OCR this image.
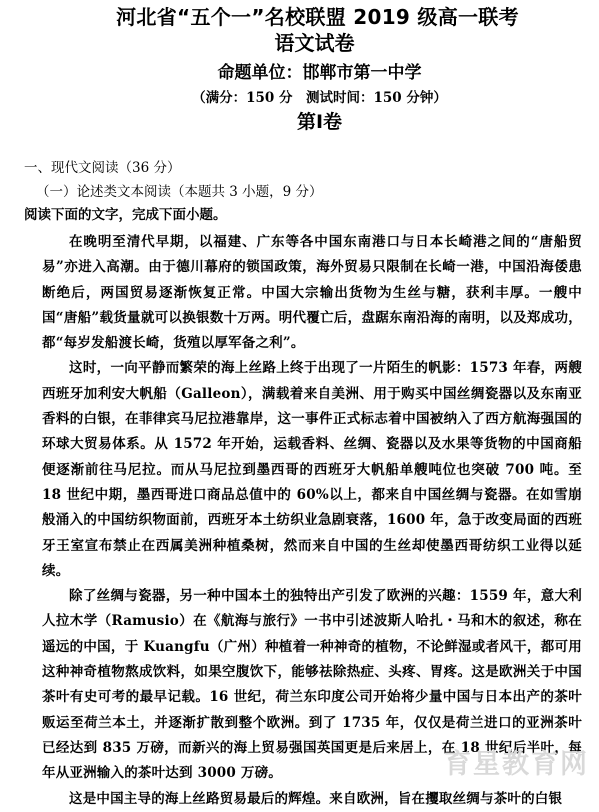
河北省“五个一”名校联盟 2019 级高一联考
语文试卷
命题单位：邯郸市第一中学
（满分：150 分　测试时间：150 分钟）
第Ⅰ卷
一、现代文阅读（36 分）
（一）论述类文本阅读（本题共 3 小题，9 分）
阅读下面的文字，完成下面小题。

在晚明至清代早期，以福建、广东等各中国东南港口与日本长崎港之间的“唐船贸易”亦进入高潮。由于德川幕府的锁国政策，海外贸易只限制在长崎一港，中国沿海倭患断绝后，两国贸易逐渐恢复正常。中国大宗输出货物为生丝与糖，获利丰厚。一艘中国“唐船”载货量就可以换银数十万两。明代覆亡后，盘踞东南沿海的南明，以及郑成功，都“每岁发船渡长崎，货殖以厚军备之利”。

这时，一向平静而繁荣的海上丝路上终于出现了一片陌生的帆影：1573 年春，两艘西班牙加利安大帆船（Galleon），满载着来自美洲、用于购买中国丝绸瓷器以及东南亚香料的白银，在菲律宾马尼拉港靠岸，这一事件正式标志着中国被纳入了西方航海强国的环球大贸易体系。从 1572 年开始，运载香料、丝绸、瓷器以及水果等货物的中国商船便逐渐前往马尼拉。而从马尼拉到墨西哥的西班牙大帆船单艘吨位也突破 700 吨。至 18 世纪中期，墨西哥进口商品总值中的 60%以上，都来自中国丝绸与瓷器。在如雪崩般涌入的中国纺织物面前，西班牙本土纺织业急剧衰落，1600 年，急于改变局面的西班牙王室宣布禁止在西属美洲种植桑树，然而来自中国的生丝却使墨西哥纺织工业得以延续。

除了丝绸与瓷器，另一种中国本土的独特出产引发了欧洲的兴趣：1559 年，意大利人拉木学（Ramusio）在《航海与旅行》一书中引述波斯人哈扎・马和木的叙述，称在遥远的中国，于 Kuangfu（广州）种植着一种神奇的植物，不论鲜湿或者风干，都可用这种神奇植物熬成饮料，如果空腹饮下，能够祛除热症、头疼、胃疼。这是欧洲关于中国茶叶有史可考的最早记载。16 世纪，荷兰东印度公司开始将少量中国与日本出产的茶叶贩运至荷兰本土，并逐渐扩散到整个欧洲。到了 1735 年，仅仅是荷兰进口的亚洲茶叶已经达到 835 万磅，而新兴的海上贸易强国英国更是后来居上，在 18 世纪后半叶，每年从亚洲输入的茶叶达到 3000 万磅。

这是中国主导的海上丝路贸易最后的辉煌。来自欧洲，旨在攫取丝绸与茶叶的白银

育星教育网
